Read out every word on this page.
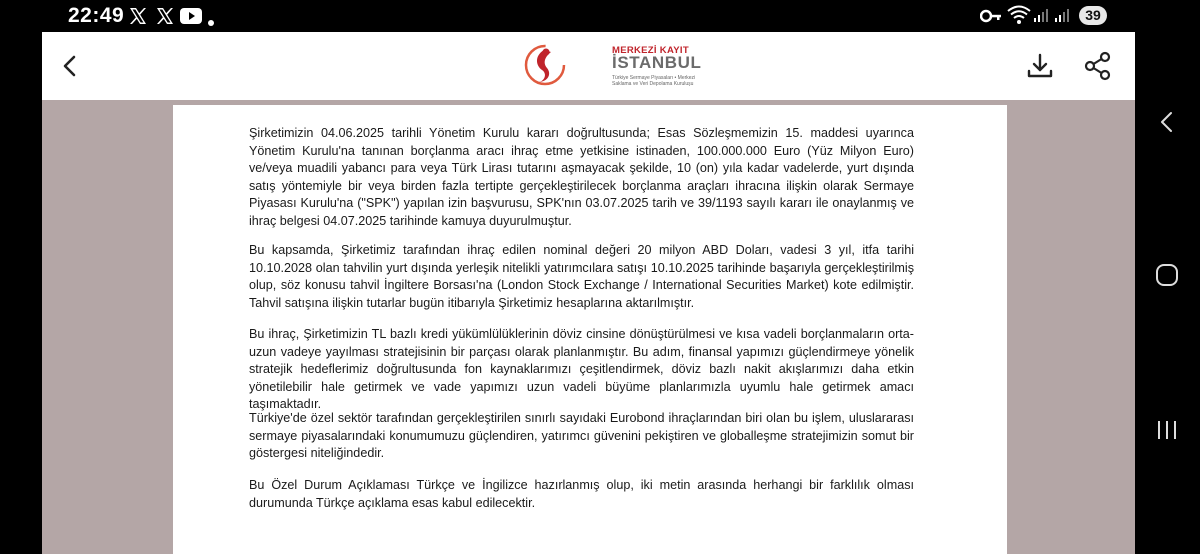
22:49	39
MERKEZİ KAYIT
İSTANBUL
Türkiye Sermaye Piyasaları • Merkezi Saklama ve Veri Depolama Kuruluşu

Şirketimizin 04.06.2025 tarihli Yönetim Kurulu kararı doğrultusunda; Esas Sözleşmemizin 15. maddesi uyarınca Yönetim Kurulu'na tanınan borçlanma aracı ihraç etme yetkisine istinaden, 100.000.000 Euro (Yüz Milyon Euro) ve/veya muadili yabancı para veya Türk Lirası tutarını aşmayacak şekilde, 10 (on) yıla kadar vadelerde, yurt dışında satış yöntemiyle bir veya birden fazla tertipte gerçekleştirilecek borçlanma araçları ihracına ilişkin olarak Sermaye Piyasası Kurulu'na ("SPK") yapılan izin başvurusu, SPK'nın 03.07.2025 tarih ve 39/1193 sayılı kararı ile onaylanmış ve ihraç belgesi 04.07.2025 tarihinde kamuya duyurulmuştur.

Bu kapsamda, Şirketimiz tarafından ihraç edilen nominal değeri 20 milyon ABD Doları, vadesi 3 yıl, itfa tarihi 10.10.2028 olan tahvilin yurt dışında yerleşik nitelikli yatırımcılara satışı 10.10.2025 tarihinde başarıyla gerçekleştirilmiş olup, söz konusu tahvil İngiltere Borsası'na (London Stock Exchange / International Securities Market) kote edilmiştir. Tahvil satışına ilişkin tutarlar bugün itibarıyla Şirketimiz hesaplarına aktarılmıştır.

Bu ihraç, Şirketimizin TL bazlı kredi yükümlülüklerinin döviz cinsine dönüştürülmesi ve kısa vadeli borçlanmaların orta-uzun vadeye yayılması stratejisinin bir parçası olarak planlanmıştır. Bu adım, finansal yapımızı güçlendirmeye yönelik stratejik hedeflerimiz doğrultusunda fon kaynaklarımızı çeşitlendirmek, döviz bazlı nakit akışlarımızı daha etkin yönetilebilir hale getirmek ve vade yapımızı uzun vadeli büyüme planlarımızla uyumlu hale getirmek amacı taşımaktadır.

Türkiye'de özel sektör tarafından gerçekleştirilen sınırlı sayıdaki Eurobond ihraçlarından biri olan bu işlem, uluslararası sermaye piyasalarındaki konumumuzu güçlendiren, yatırımcı güvenini pekiştiren ve globalleşme stratejimizin somut bir göstergesi niteliğindedir.

Bu Özel Durum Açıklaması Türkçe ve İngilizce hazırlanmış olup, iki metin arasında herhangi bir farklılık olması durumunda Türkçe açıklama esas kabul edilecektir.
